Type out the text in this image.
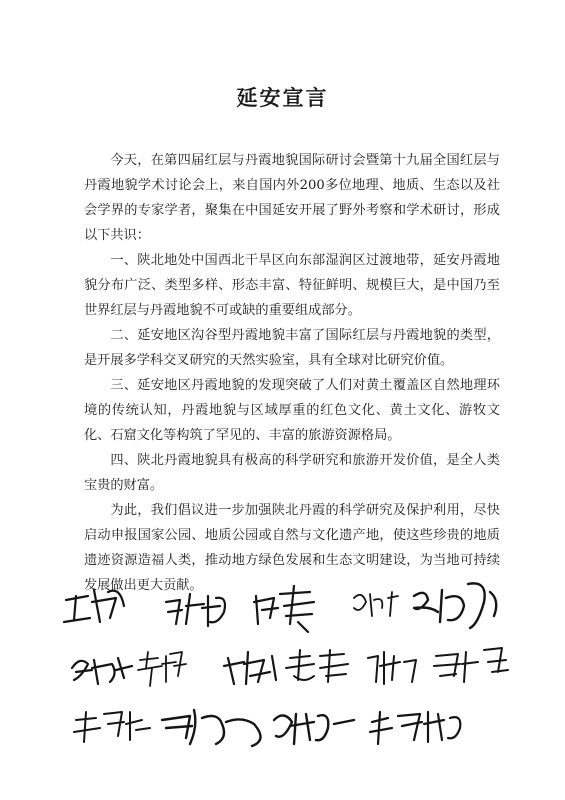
延安宣言

今天，在第四届红层与丹霞地貌国际研讨会暨第十九届全国红层与丹霞地貌学术讨论会上，来自国内外200多位地理、地质、生态以及社会学界的专家学者，聚集在中国延安开展了野外考察和学术研讨，形成以下共识：

一、陕北地处中国西北干旱区向东部湿润区过渡地带，延安丹霞地貌分布广泛、类型多样、形态丰富、特征鲜明、规模巨大，是中国乃至世界红层与丹霞地貌不可或缺的重要组成部分。

二、延安地区沟谷型丹霞地貌丰富了国际红层与丹霞地貌的类型，是开展多学科交叉研究的天然实验室，具有全球对比研究价值。

三、延安地区丹霞地貌的发现突破了人们对黄土覆盖区自然地理环境的传统认知，丹霞地貌与区域厚重的红色文化、黄土文化、游牧文化、石窟文化等构筑了罕见的、丰富的旅游资源格局。

四、陕北丹霞地貌具有极高的科学研究和旅游开发价值，是全人类宝贵的财富。

为此，我们倡议进一步加强陕北丹霞的科学研究及保护利用，尽快启动申报国家公园、地质公园或自然与文化遗产地，使这些珍贵的地质遗迹资源造福人类，推动地方绿色发展和生态文明建设，为当地可持续发展做出更大贡献。
